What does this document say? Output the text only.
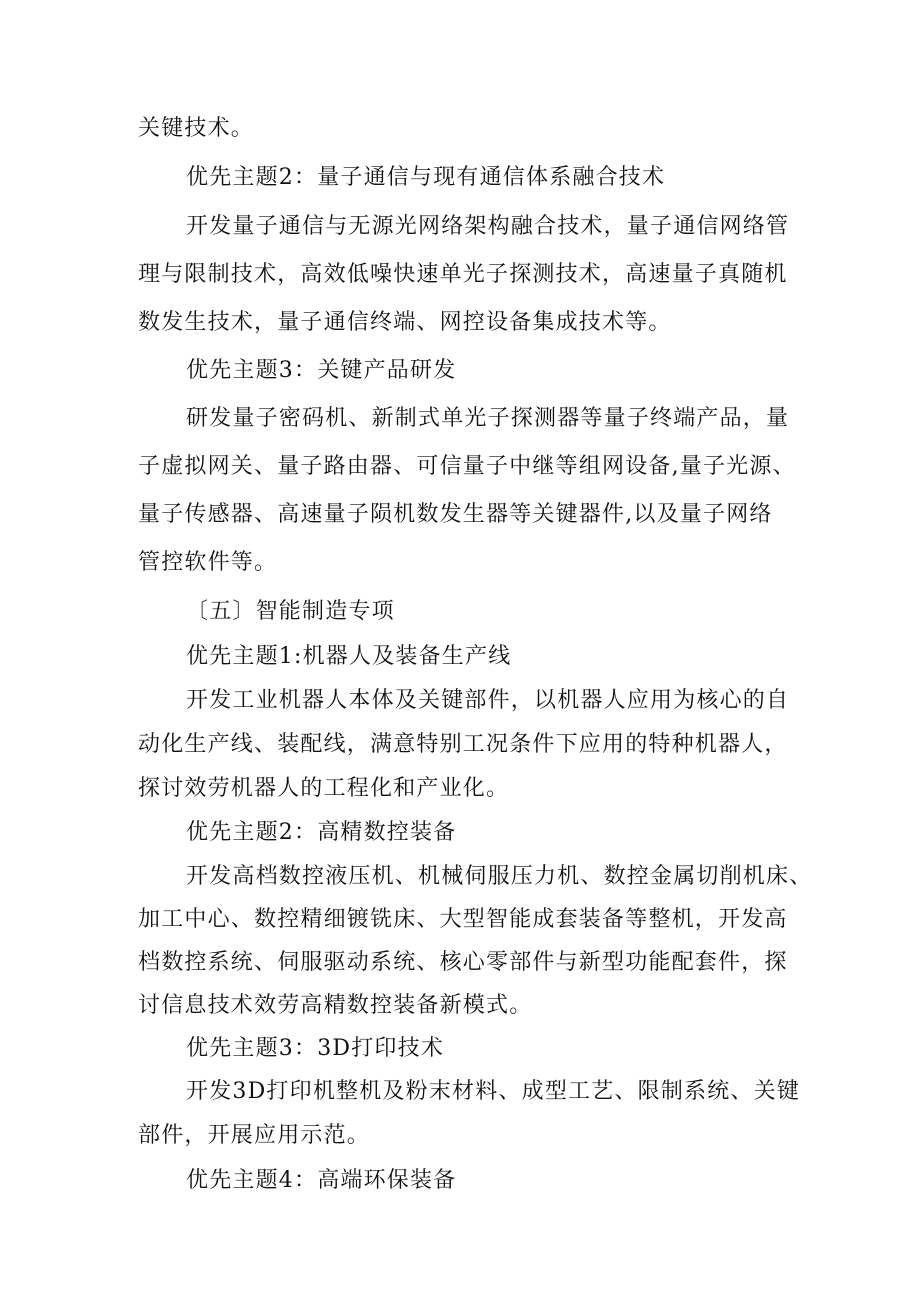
关键技术。
优先主题2：量子通信与现有通信体系融合技术
开发量子通信与无源光网络架构融合技术，量子通信网络管
理与限制技术，高效低噪快速单光子探测技术，高速量子真随机
数发生技术，量子通信终端、网控设备集成技术等。
优先主题3：关键产品研发
研发量子密码机、新制式单光子探测器等量子终端产品，量
子虚拟网关、量子路由器、可信量子中继等组网设备,量子光源、
量子传感器、高速量子陨机数发生器等关键器件,以及量子网络
管控软件等。
〔五〕智能制造专项
优先主题1:机器人及装备生产线
开发工业机器人本体及关键部件，以机器人应用为核心的自
动化生产线、装配线，满意特别工况条件下应用的特种机器人，
探讨效劳机器人的工程化和产业化。
优先主题2：高精数控装备
开发高档数控液压机、机械伺服压力机、数控金属切削机床、
加工中心、数控精细镀铣床、大型智能成套装备等整机，开发高
档数控系统、伺服驱动系统、核心零部件与新型功能配套件，探
讨信息技术效劳高精数控装备新模式。
优先主题3：3D打印技术
开发3D打印机整机及粉末材料、成型工艺、限制系统、关键
部件，开展应用示范。
优先主题4：高端环保装备
